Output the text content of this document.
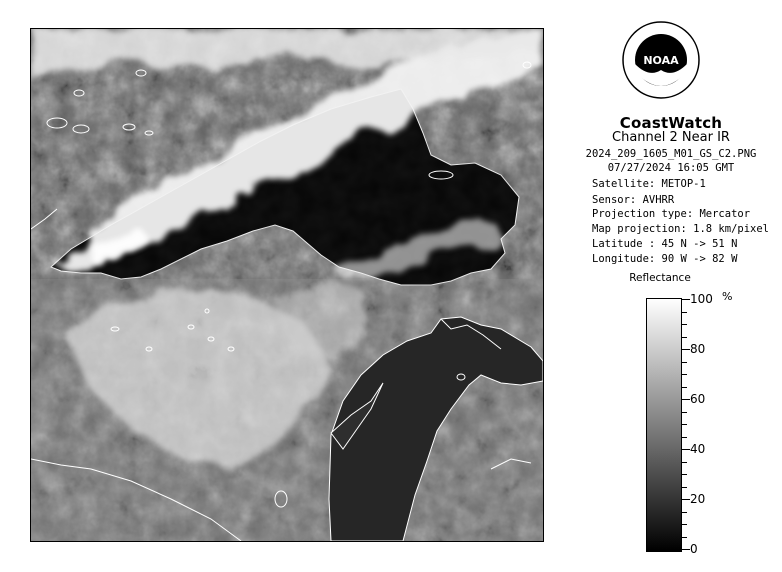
NOAA
CoastWatch
Channel 2 Near IR
2024_209_1605_M01_GS_C2.PNG
07/27/2024 16:05 GMT
Satellite: METOP-1
Sensor: AVHRR
Projection type: Mercator
Map projection: 1.8 km/pixel
Latitude : 45 N -> 51 N
Longitude: 90 W -> 82 W
Reflectance
%
100
80
60
40
20
0
